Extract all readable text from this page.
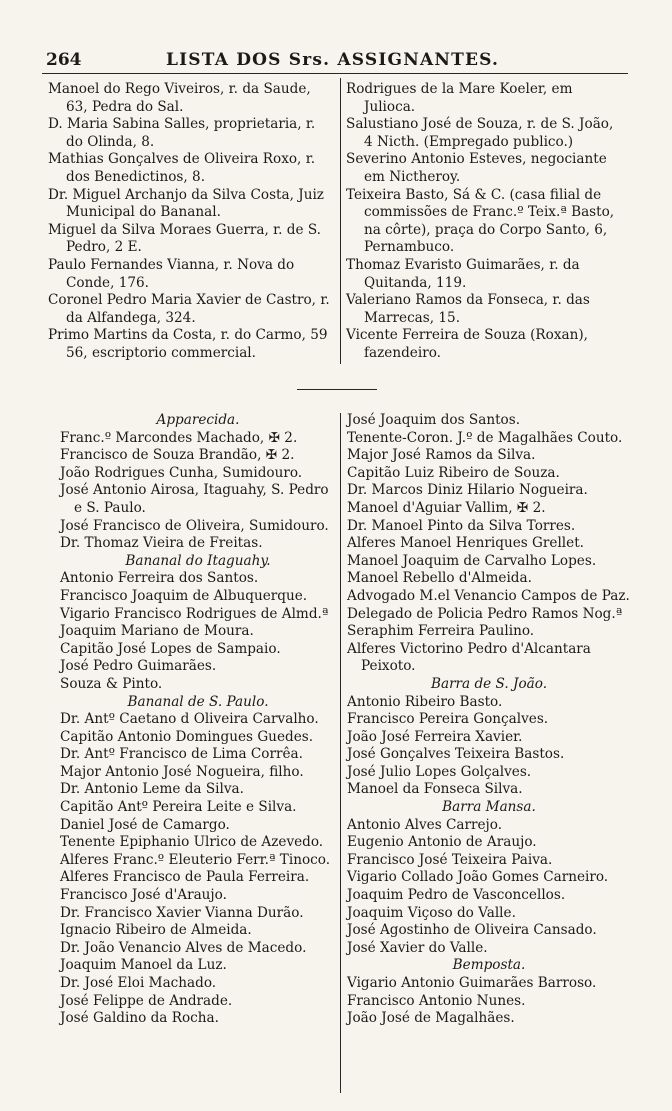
264	LISTA DOS Srs. ASSIGNANTES.

Manoel do Rego Viveiros, r. da Saude, 63, Pedra do Sal.

D. Maria Sabina Salles, proprietaria, r. do Olinda, 8.

Mathias Gonçalves de Oliveira Roxo, r. dos Benedictinos, 8.

Dr. Miguel Archanjo da Silva Costa, Juiz Municipal do Bananal.

Miguel da Silva Moraes Guerra, r. de S. Pedro, 2 E.

Paulo Fernandes Vianna, r. Nova do Conde, 176.

Coronel Pedro Maria Xavier de Castro, r. da Alfandega, 324.

Primo Martins da Costa, r. do Carmo, 59 56, escriptorio commercial.

Rodrigues de la Mare Koeler, em Julioca.

Salustiano José de Souza, r. de S. João, 4 Nicth. (Empregado publico.)

Severino Antonio Esteves, negociante em Nictheroy.

Teixeira Basto, Sá & C. (casa filial de commissões de Franc.º Teix.ª Basto, na côrte), praça do Corpo Santo, 6, Pernambuco.

Thomaz Evaristo Guimarães, r. da Quitanda, 119.

Valeriano Ramos da Fonseca, r. das Marrecas, 15.

Vicente Ferreira de Souza (Roxan), fazendeiro.

Apparecida.

Franc.º Marcondes Machado, ✠ 2.

Francisco de Souza Brandão, ✠ 2.

João Rodrigues Cunha, Sumidouro.

José Antonio Airosa, Itaguahy, S. Pedro e S. Paulo.

José Francisco de Oliveira, Sumidouro.

Dr. Thomaz Vieira de Freitas.

Bananal do Itaguahy.

Antonio Ferreira dos Santos.

Francisco Joaquim de Albuquerque.

Vigario Francisco Rodrigues de Almd.ª

Joaquim Mariano de Moura.

Capitão José Lopes de Sampaio.

José Pedro Guimarães.

Souza & Pinto.

Bananal de S. Paulo.

Dr. Antº Caetano d Oliveira Carvalho.

Capitão Antonio Domingues Guedes.

Dr. Antº Francisco de Lima Corrêa.

Major Antonio José Nogueira, filho.

Dr. Antonio Leme da Silva.

Capitão Antº Pereira Leite e Silva.

Daniel José de Camargo.

Tenente Epiphanio Ulrico de Azevedo.

Alferes Franc.º Eleuterio Ferr.ª Tinoco.

Alferes Francisco de Paula Ferreira.

Francisco José d'Araujo.

Dr. Francisco Xavier Vianna Durão.

Ignacio Ribeiro de Almeida.

Dr. João Venancio Alves de Macedo.

Joaquim Manoel da Luz.

Dr. José Eloi Machado.

José Felippe de Andrade.

José Galdino da Rocha.

José Joaquim dos Santos.

Tenente-Coron. J.º de Magalhães Couto.

Major José Ramos da Silva.

Capitão Luiz Ribeiro de Souza.

Dr. Marcos Diniz Hilario Nogueira.

Manoel d'Aguiar Vallim, ✠ 2.

Dr. Manoel Pinto da Silva Torres.

Alferes Manoel Henriques Grellet.

Manoel Joaquim de Carvalho Lopes.

Manoel Rebello d'Almeida.

Advogado M.el Venancio Campos de Paz.

Delegado de Policia Pedro Ramos Nog.ª

Seraphim Ferreira Paulino.

Alferes Victorino Pedro d'Alcantara Peixoto.

Barra de S. João.

Antonio Ribeiro Basto.

Francisco Pereira Gonçalves.

João José Ferreira Xavier.

José Gonçalves Teixeira Bastos.

José Julio Lopes Golçalves.

Manoel da Fonseca Silva.

Barra Mansa.

Antonio Alves Carrejo.

Eugenio Antonio de Araujo.

Francisco José Teixeira Paiva.

Vigario Collado João Gomes Carneiro.

Joaquim Pedro de Vasconcellos.

Joaquim Viçoso do Valle.

José Agostinho de Oliveira Cansado.

José Xavier do Valle.

Bemposta.

Vigario Antonio Guimarães Barroso.

Francisco Antonio Nunes.

João José de Magalhães.
